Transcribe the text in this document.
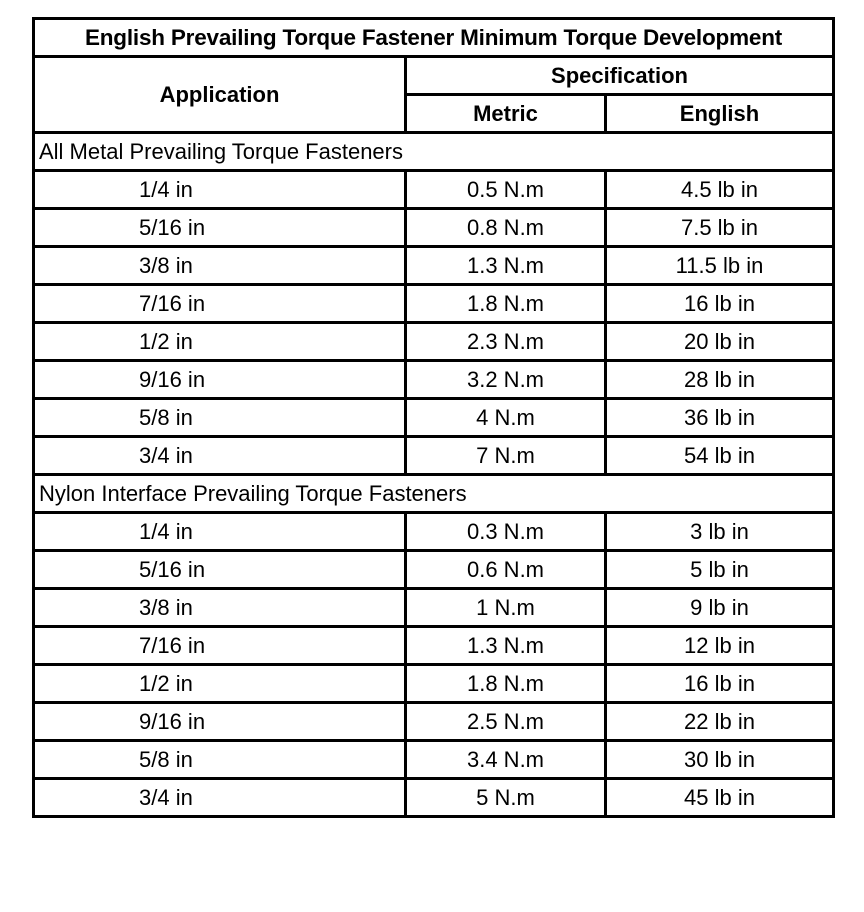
English Prevailing Torque Fastener Minimum Torque Development		
Application	Specification	
	Metric	English
All Metal Prevailing Torque Fasteners		
1/4 in	0.5 N.m	4.5 lb in
5/16 in	0.8 N.m	7.5 lb in
3/8 in	1.3 N.m	11.5 lb in
7/16 in	1.8 N.m	16 lb in
1/2 in	2.3 N.m	20 lb in
9/16 in	3.2 N.m	28 lb in
5/8 in	4 N.m	36 lb in
3/4 in	7 N.m	54 lb in
Nylon Interface Prevailing Torque Fasteners		
1/4 in	0.3 N.m	3 lb in
5/16 in	0.6 N.m	5 lb in
3/8 in	1 N.m	9 lb in
7/16 in	1.3 N.m	12 lb in
1/2 in	1.8 N.m	16 lb in
9/16 in	2.5 N.m	22 lb in
5/8 in	3.4 N.m	30 lb in
3/4 in	5 N.m	45 lb in
